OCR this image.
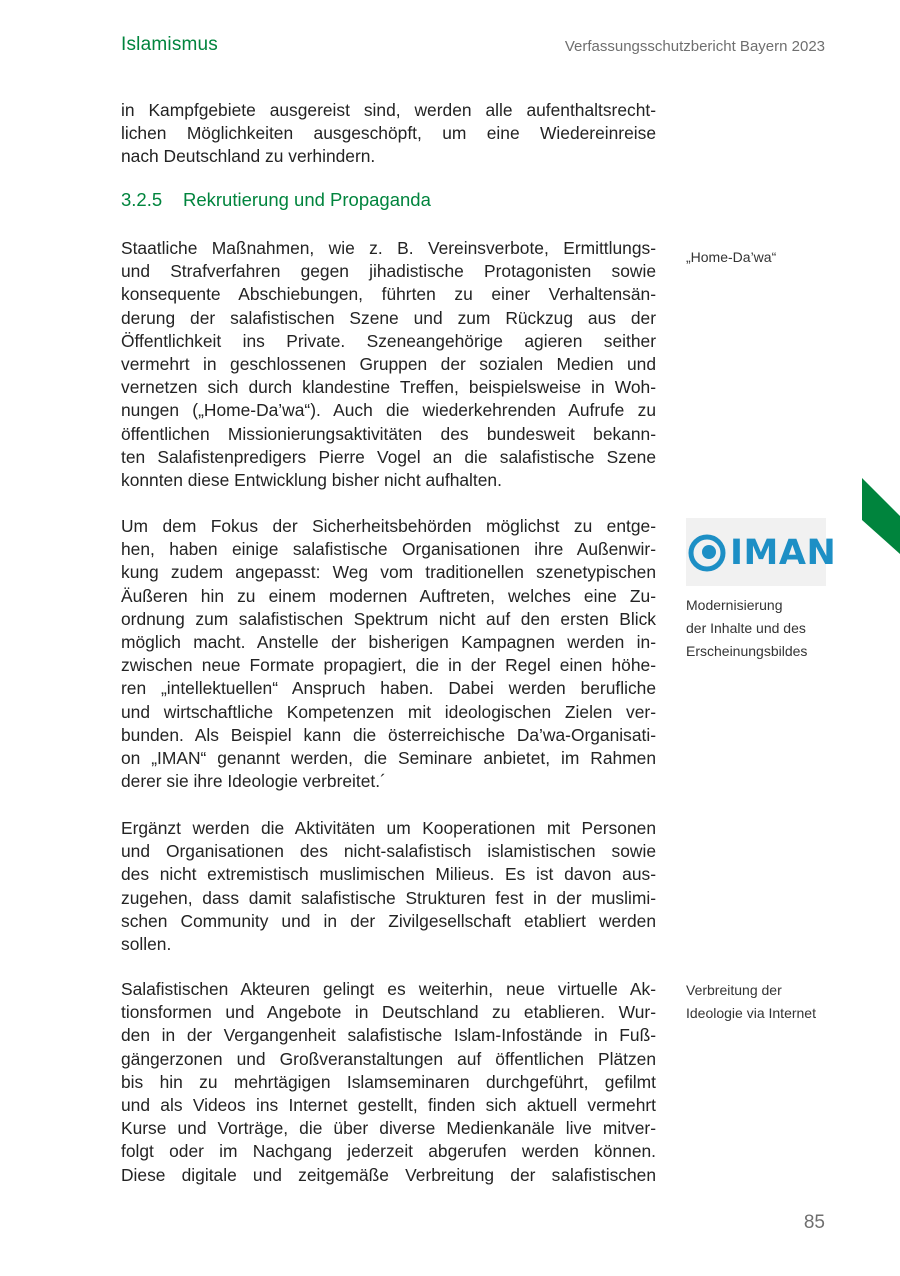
Islamismus	Verfassungsschutzbericht Bayern 2023
in Kampfgebiete ausgereist sind, werden alle aufenthaltsrecht-
lichen Möglichkeiten ausgeschöpft, um eine Wiedereinreise
nach Deutschland zu verhindern.
3.2.5 Rekrutierung und Propaganda
Staatliche Maßnahmen, wie z. B. Vereinsverbote, Ermittlungs-
und Strafverfahren gegen jihadistische Protagonisten sowie
konsequente Abschiebungen, führten zu einer Verhaltensän-
derung der salafistischen Szene und zum Rückzug aus der
Öffentlichkeit ins Private. Szeneangehörige agieren seither
vermehrt in geschlossenen Gruppen der sozialen Medien und
vernetzen sich durch klandestine Treffen, beispielsweise in Woh-
nungen („Home-Da’wa“). Auch die wiederkehrenden Aufrufe zu
öffentlichen Missionierungsaktivitäten des bundesweit bekann-
ten Salafistenpredigers Pierre Vogel an die salafistische Szene
konnten diese Entwicklung bisher nicht aufhalten.
Um dem Fokus der Sicherheitsbehörden möglichst zu entge-
hen, haben einige salafistische Organisationen ihre Außenwir-
kung zudem angepasst: Weg vom traditionellen szenetypischen
Äußeren hin zu einem modernen Auftreten, welches eine Zu-
ordnung zum salafistischen Spektrum nicht auf den ersten Blick
möglich macht. Anstelle der bisherigen Kampagnen werden in-
zwischen neue Formate propagiert, die in der Regel einen höhe-
ren „intellektuellen“ Anspruch haben. Dabei werden berufliche
und wirtschaftliche Kompetenzen mit ideologischen Zielen ver-
bunden. Als Beispiel kann die österreichische Da’wa-Organisati-
on „IMAN“ genannt werden, die Seminare anbietet, im Rahmen
derer sie ihre Ideologie verbreitet.´
Ergänzt werden die Aktivitäten um Kooperationen mit Personen
und Organisationen des nicht-salafistisch islamistischen sowie
des nicht extremistisch muslimischen Milieus. Es ist davon aus-
zugehen, dass damit salafistische Strukturen fest in der muslimi-
schen Community und in der Zivilgesellschaft etabliert werden
sollen.
Salafistischen Akteuren gelingt es weiterhin, neue virtuelle Ak-
tionsformen und Angebote in Deutschland zu etablieren. Wur-
den in der Vergangenheit salafistische Islam-Infostände in Fuß-
gängerzonen und Großveranstaltungen auf öffentlichen Plätzen
bis hin zu mehrtägigen Islamseminaren durchgeführt, gefilmt
und als Videos ins Internet gestellt, finden sich aktuell vermehrt
Kurse und Vorträge, die über diverse Medienkanäle live mitver-
folgt oder im Nachgang jederzeit abgerufen werden können.
Diese digitale und zeitgemäße Verbreitung der salafistischen
„Home-Da’wa“
IMAN
Modernisierung
der Inhalte und des
Erscheinungsbildes
Verbreitung der
Ideologie via Internet
85
